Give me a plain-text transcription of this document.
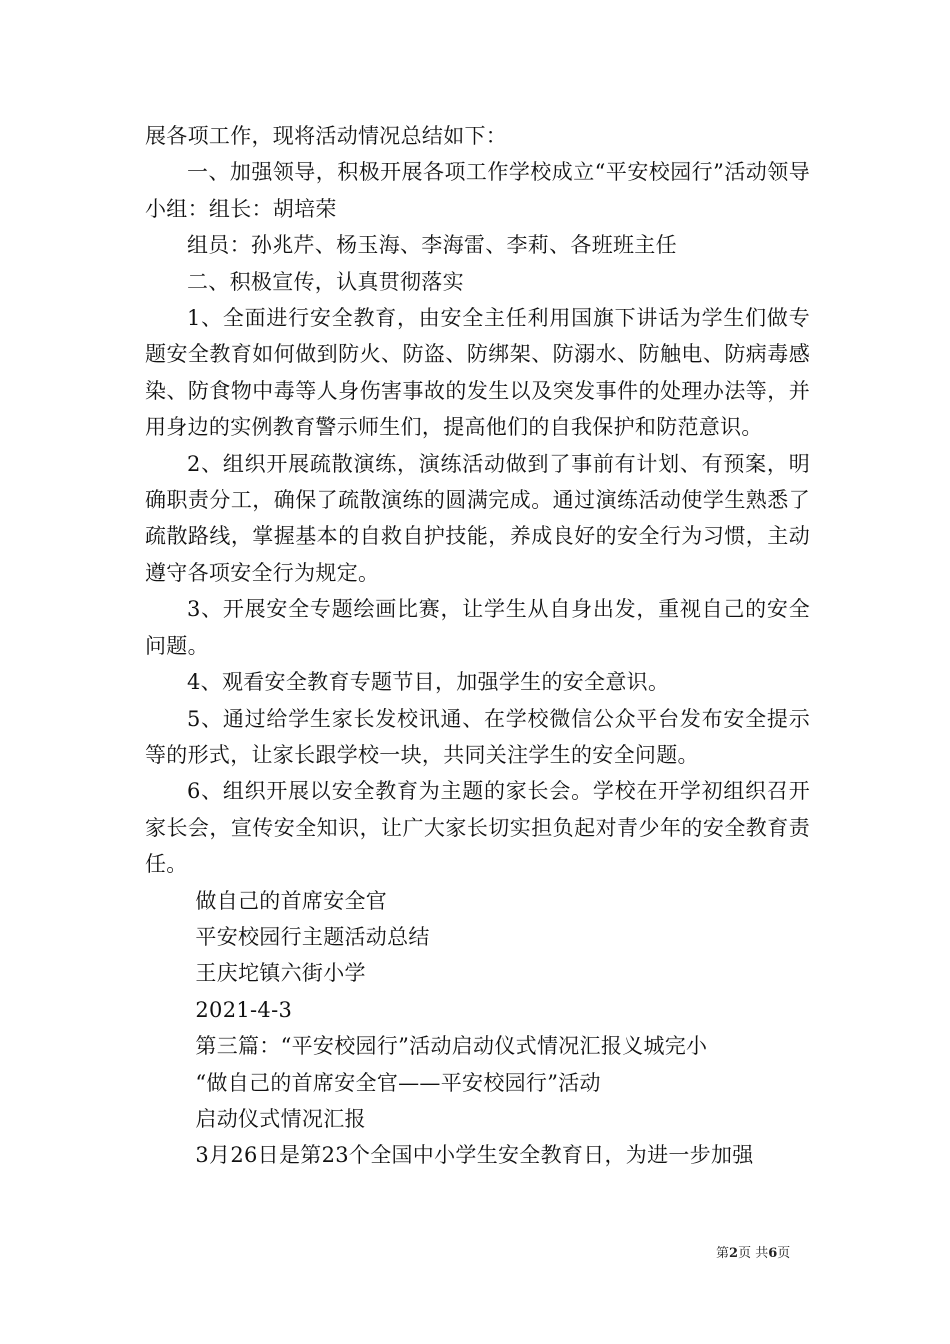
展各项工作，现将活动情况总结如下：

一、加强领导，积极开展各项工作学校成立“平安校园行”活动领导小组：组长：胡培荣

组员：孙兆芹、杨玉海、李海雷、李莉、各班班主任

二、积极宣传，认真贯彻落实

1、全面进行安全教育，由安全主任利用国旗下讲话为学生们做专题安全教育如何做到防火、防盗、防绑架、防溺水、防触电、防病毒感染、防食物中毒等人身伤害事故的发生以及突发事件的处理办法等，并用身边的实例教育警示师生们，提高他们的自我保护和防范意识。

2、组织开展疏散演练，演练活动做到了事前有计划、有预案，明确职责分工，确保了疏散演练的圆满完成。通过演练活动使学生熟悉了疏散路线，掌握基本的自救自护技能，养成良好的安全行为习惯，主动遵守各项安全行为规定。

3、开展安全专题绘画比赛，让学生从自身出发，重视自己的安全问题。

4、观看安全教育专题节目，加强学生的安全意识。

5、通过给学生家长发校讯通、在学校微信公众平台发布安全提示等的形式，让家长跟学校一块，共同关注学生的安全问题。

6、组织开展以安全教育为主题的家长会。学校在开学初组织召开家长会，宣传安全知识，让广大家长切实担负起对青少年的安全教育责任。

做自己的首席安全官

平安校园行主题活动总结

王庆坨镇六街小学

2021-4-3

第三篇：“平安校园行”活动启动仪式情况汇报义城完小

“做自己的首席安全官——平安校园行”活动

启动仪式情况汇报

3月26日是第23个全国中小学生安全教育日，为进一步加强

第2页 共6页
